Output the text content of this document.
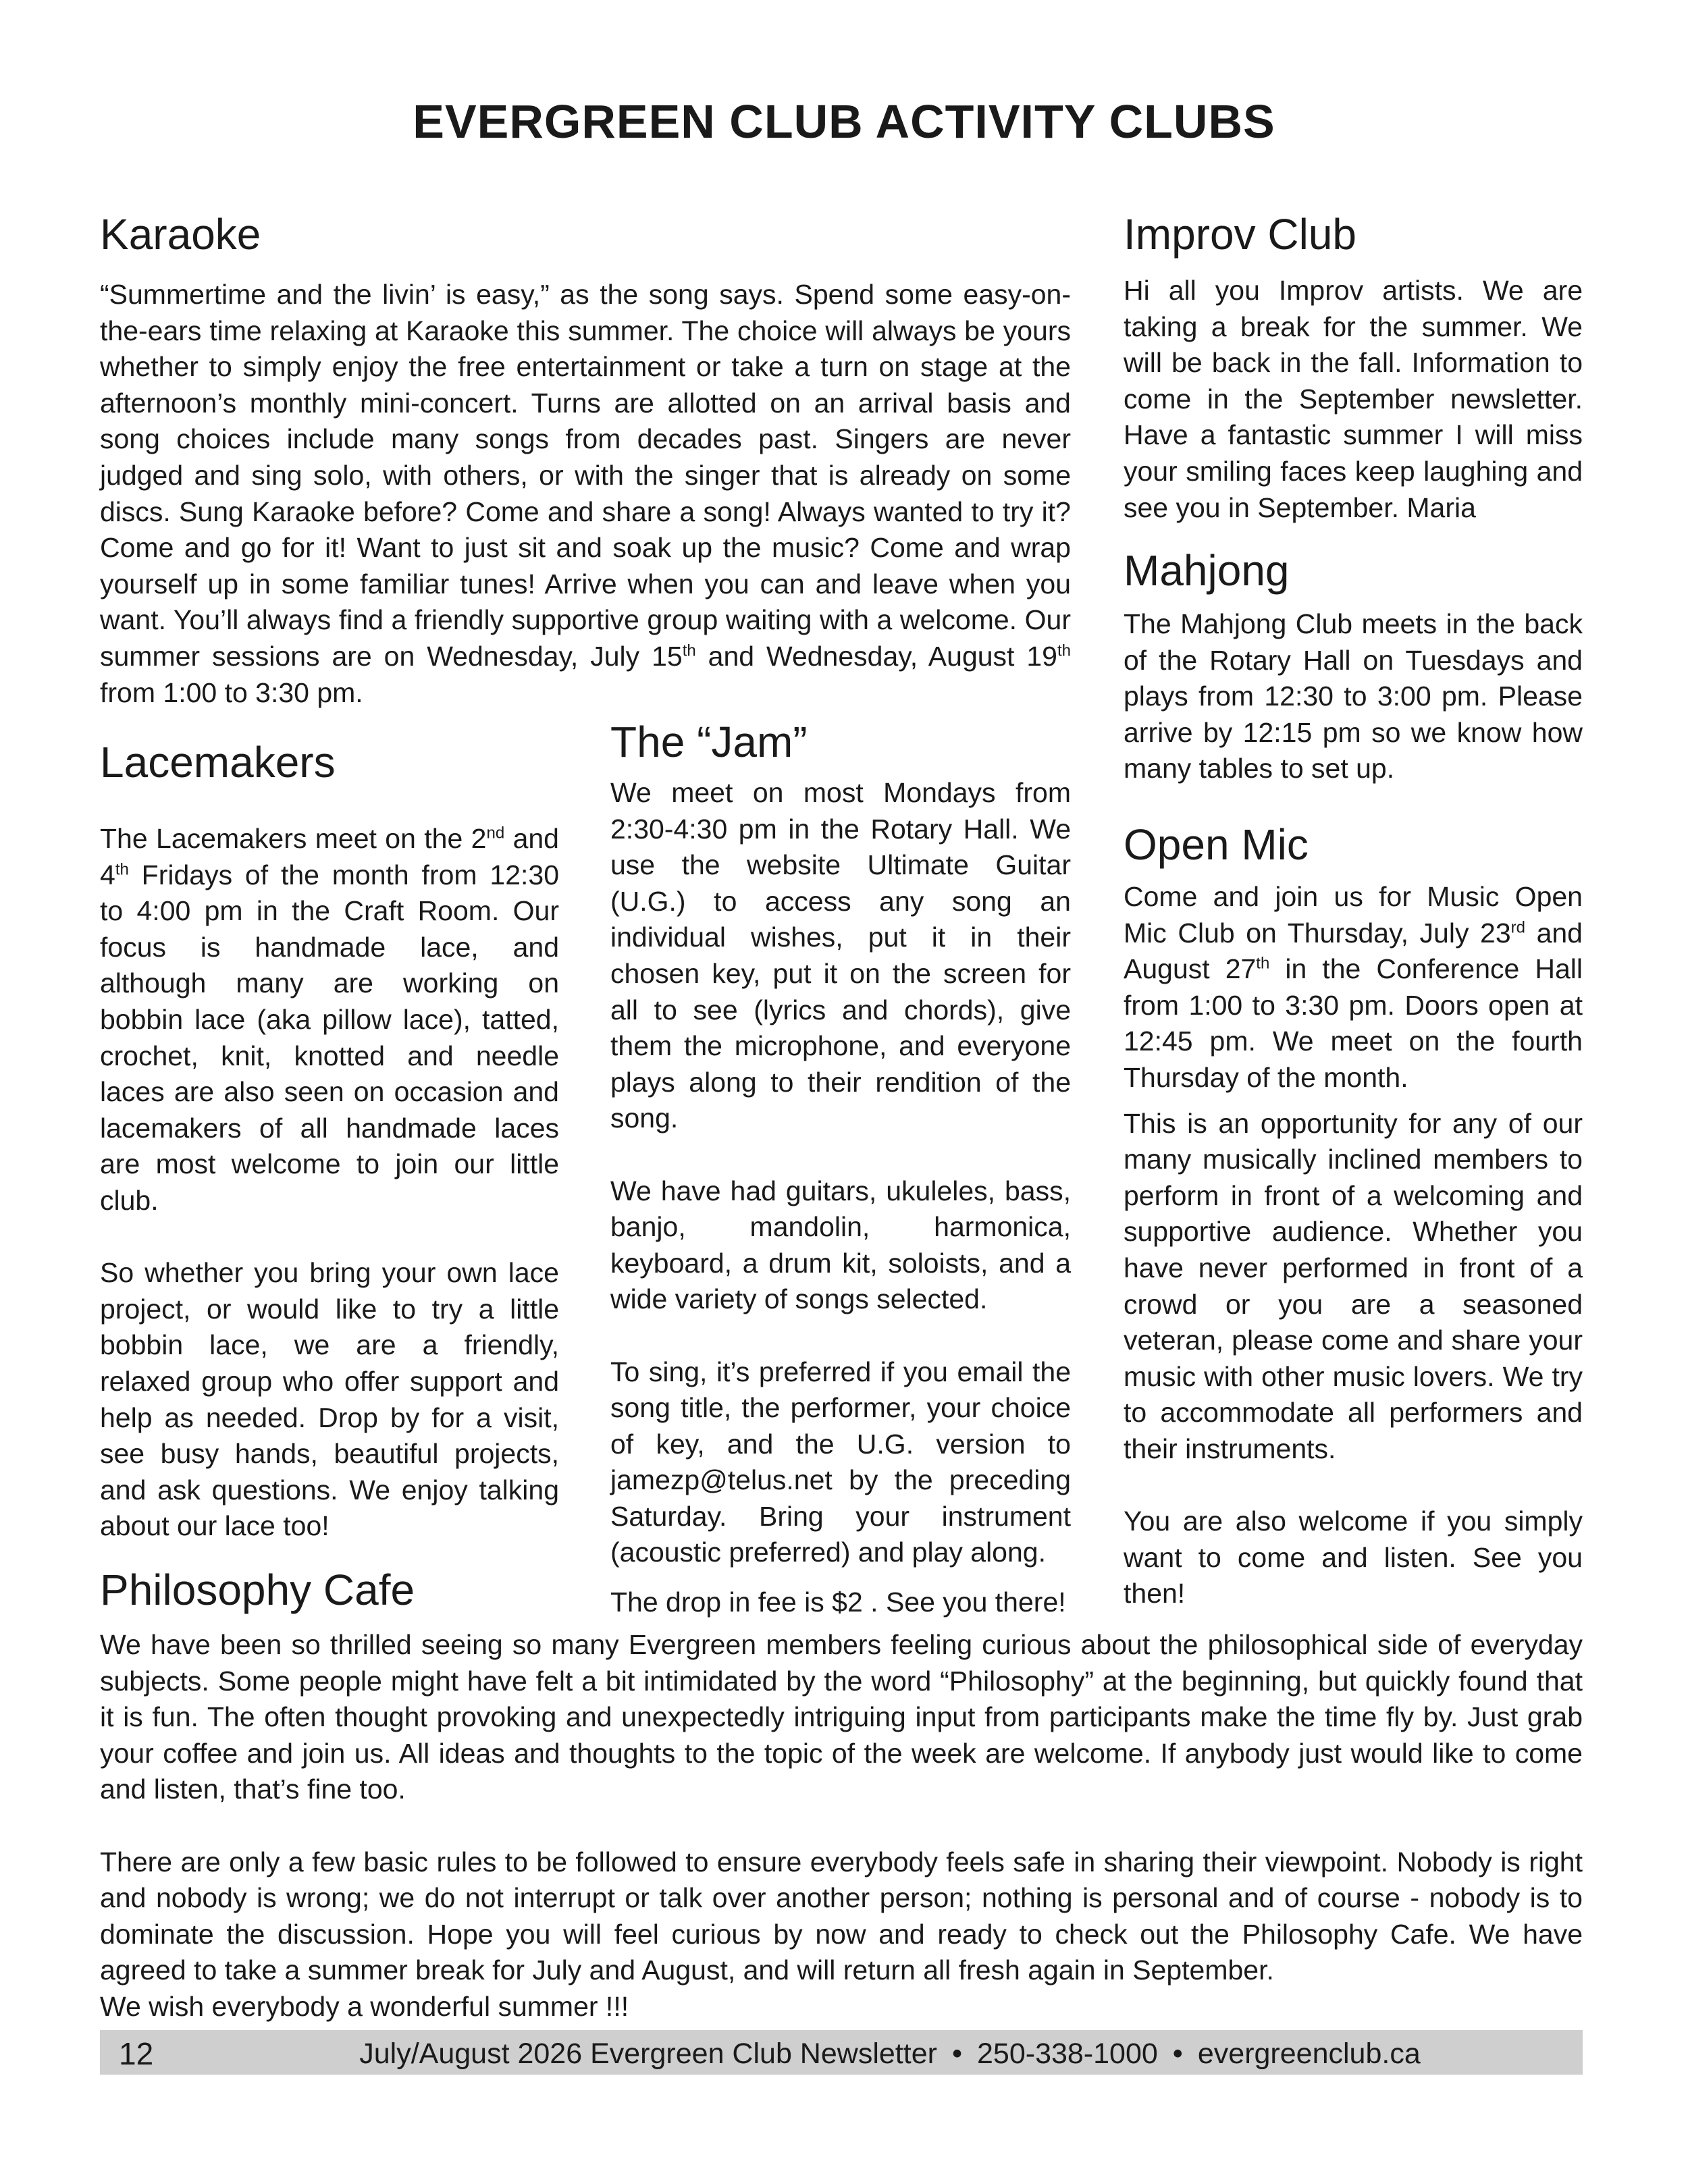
EVERGREEN CLUB ACTIVITY CLUBS
Karaoke

“Summertime and the livin’ is easy,” as the song says. Spend some easy-on-the-ears time relaxing at Karaoke this summer. The choice will always be yours whether to simply enjoy the free entertainment or take a turn on stage at the afternoon’s monthly mini-concert. Turns are allotted on an arrival basis and song choices include many songs from decades past. Singers are never judged and sing solo, with others, or with the singer that is already on some discs. Sung Karaoke before? Come and share a song! Always wanted to try it? Come and go for it! Want to just sit and soak up the music? Come and wrap yourself up in some familiar tunes! Arrive when you can and leave when you want. You’ll always find a friendly supportive group waiting with a welcome. Our summer sessions are on Wednesday, July 15th and Wednesday, August 19th from 1:00 to 3:30 pm.

Lacemakers

The Lacemakers meet on the 2nd and 4th Fridays of the month from 12:30 to 4:00 pm in the Craft Room. Our focus is handmade lace, and although many are working on bobbin lace (aka pillow lace), tatted, crochet, knit, knotted and needle laces are also seen on occasion and lacemakers of all handmade laces are most welcome to join our little club.

So whether you bring your own lace project, or would like to try a little bobbin lace, we are a friendly, relaxed group who offer support and help as needed. Drop by for a visit, see busy hands, beautiful projects, and ask questions. We enjoy talking about our lace too!

The “Jam”

We meet on most Mondays from 2:30-4:30 pm in the Rotary Hall. We use the website Ultimate Guitar (U.G.) to access any song an individual wishes, put it in their chosen key, put it on the screen for all to see (lyrics and chords), give them the microphone, and everyone plays along to their rendition of the song.

We have had guitars, ukuleles, bass, banjo, mandolin, harmonica, keyboard, a drum kit, soloists, and a wide variety of songs selected.

To sing, it’s preferred if you email the song title, the performer, your choice of key, and the U.G. version to jamezp@telus.net by the preceding Saturday. Bring your instrument (acoustic preferred) and play along.

The drop in fee is $2 . See you there!

Improv Club

Hi all you Improv artists. We are taking a break for the summer. We will be back in the fall. Information to come in the September newsletter. Have a fantastic summer I will miss your smiling faces keep laughing and see you in September. Maria

Mahjong

The Mahjong Club meets in the back of the Rotary Hall on Tuesdays and plays from 12:30 to 3:00 pm. Please arrive by 12:15 pm so we know how many tables to set up.

Open Mic

Come and join us for Music Open Mic Club on Thursday, July 23rd and August 27th in the Conference Hall from 1:00 to 3:30 pm. Doors open at 12:45 pm. We meet on the fourth Thursday of the month.

This is an opportunity for any of our many musically inclined members to perform in front of a welcoming and supportive audience. Whether you have never performed in front of a crowd or you are a seasoned veteran, please come and share your music with other music lovers. We try to accommodate all performers and their instruments.

You are also welcome if you simply want to come and listen. See you then!

Philosophy Cafe

We have been so thrilled seeing so many Evergreen members feeling curious about the philosophical side of everyday subjects. Some people might have felt a bit intimidated by the word “Philosophy” at the beginning, but quickly found that it is fun. The often thought provoking and unexpectedly intriguing input from participants make the time fly by. Just grab your coffee and join us. All ideas and thoughts to the topic of the week are welcome. If anybody just would like to come and listen, that’s fine too.

There are only a few basic rules to be followed to ensure everybody feels safe in sharing their viewpoint. Nobody is right and nobody is wrong; we do not interrupt or talk over another person; nothing is personal and of course - nobody is to dominate the discussion. Hope you will feel curious by now and ready to check out the Philosophy Cafe. We have agreed to take a summer break for July and August, and will return all fresh again in September.

We wish everybody a wonderful summer !!!

12	July/August 2026 Evergreen Club Newsletter • 250-338-1000 • evergreenclub.ca
